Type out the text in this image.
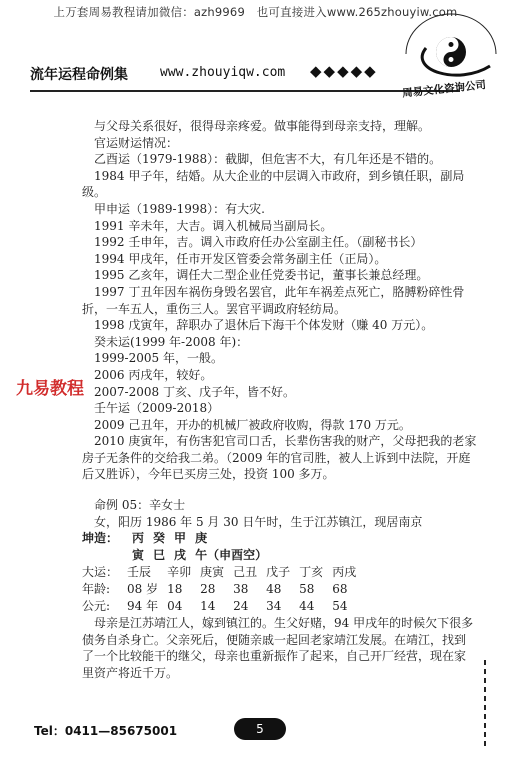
上万套周易教程请加微信：azh9969　也可直接进入www.265zhouyiw.com
流年运程命例集 www.zhouyiqw.com ◆◆◆◆◆
周易文化咨询公司
九易教程

与父母关系很好，很得母亲疼爱。做事能得到母亲支持，理解。

官运财运情况：

乙酉运（1979-1988）：截脚，但危害不大，有几年还是不错的。

1984 甲子年，结婚。从大企业的中层调入市政府，到乡镇任职，副局级。

甲申运（1989-1998）：有大灾.

1991 辛未年，大吉。调入机械局当副局长。

1992 壬申年，吉。调入市政府任办公室副主任。（副秘书长）

1994 甲戌年，任市开发区管委会常务副主任（正局）。

1995 乙亥年，调任大二型企业任党委书记，董事长兼总经理。

1997 丁丑年因车祸伤身毁名罢官，此年车祸差点死亡，胳膊粉碎性骨折，一车五人，重伤三人。罢官平调政府轻纺局。

1998 戊寅年，辞职办了退休后下海干个体发财（赚 40 万元）。

癸未运(1999 年-2008 年)：

1999-2005 年，一般。

2006 丙戌年，较好。

2007-2008 丁亥、戊子年，皆不好。

壬午运（2009-2018）

2009 己丑年，开办的机械厂被政府收购，得款 170 万元。

2010 庚寅年，有伤害犯官司口舌，长辈伤害我的财产，父母把我的老家房子无条件的交给我二弟。（2009 年的官司胜，被人上诉到中法院，开庭后又胜诉），今年已买房三处，投资 100 多万。

命例 05：辛女士

女，阳历 1986 年 5 月 30 日午时，生于江苏镇江，现居南京

坤造：	丙	癸	甲	庚
	寅	巳	戌	午（申酉空）
大运：	壬辰	辛卯	庚寅	己丑	戊子	丁亥	丙戌
年龄:	08 岁	18	28	38	48	58	68
公元:	94 年	04	14	24	34	44	54

母亲是江苏靖江人，嫁到镇江的。生父好赌，94 甲戌年的时候欠下很多债务自杀身亡。父亲死后，便随亲戚一起回老家靖江发展。在靖江，找到了一个比较能干的继父，母亲也重新振作了起来，自己开厂经营，现在家里资产将近千万。

Tel：0411—85675001	5
